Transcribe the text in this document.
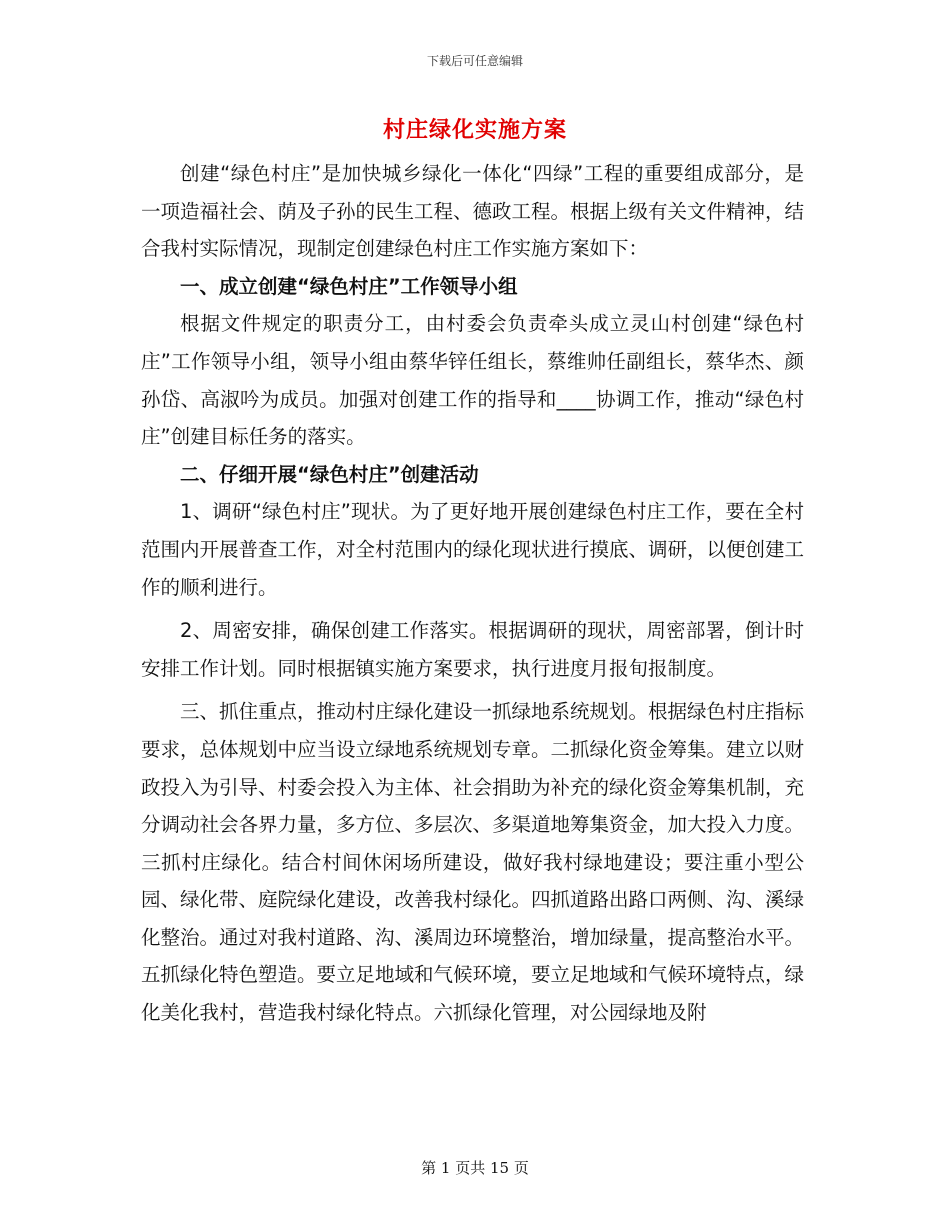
下载后可任意编辑
村庄绿化实施方案

创建“绿色村庄”是加快城乡绿化一体化“四绿”工程的重要组成部分，是一项造福社会、荫及子孙的民生工程、德政工程。根据上级有关文件精神，结合我村实际情况，现制定创建绿色村庄工作实施方案如下：

一、成立创建“绿色村庄”工作领导小组

根据文件规定的职责分工，由村委会负责牵头成立灵山村创建“绿色村庄”工作领导小组，领导小组由蔡华锌任组长，蔡维帅任副组长，蔡华杰、颜孙岱、高淑吟为成员。加强对创建工作的指导和____协调工作，推动“绿色村庄”创建目标任务的落实。

二、仔细开展“绿色村庄”创建活动

1、调研“绿色村庄”现状。为了更好地开展创建绿色村庄工作，要在全村范围内开展普查工作，对全村范围内的绿化现状进行摸底、调研，以便创建工作的顺利进行。

2、周密安排，确保创建工作落实。根据调研的现状，周密部署，倒计时安排工作计划。同时根据镇实施方案要求，执行进度月报旬报制度。

三、抓住重点，推动村庄绿化建设一抓绿地系统规划。根据绿色村庄指标要求，总体规划中应当设立绿地系统规划专章。二抓绿化资金筹集。建立以财政投入为引导、村委会投入为主体、社会捐助为补充的绿化资金筹集机制，充分调动社会各界力量，多方位、多层次、多渠道地筹集资金，加大投入力度。三抓村庄绿化。结合村间休闲场所建设，做好我村绿地建设；要注重小型公园、绿化带、庭院绿化建设，改善我村绿化。四抓道路出路口两侧、沟、溪绿化整治。通过对我村道路、沟、溪周边环境整治，增加绿量，提高整治水平。五抓绿化特色塑造。要立足地域和气候环境，要立足地域和气候环境特点，绿化美化我村，营造我村绿化特点。六抓绿化管理，对公园绿地及附

第 1 页共 15 页
